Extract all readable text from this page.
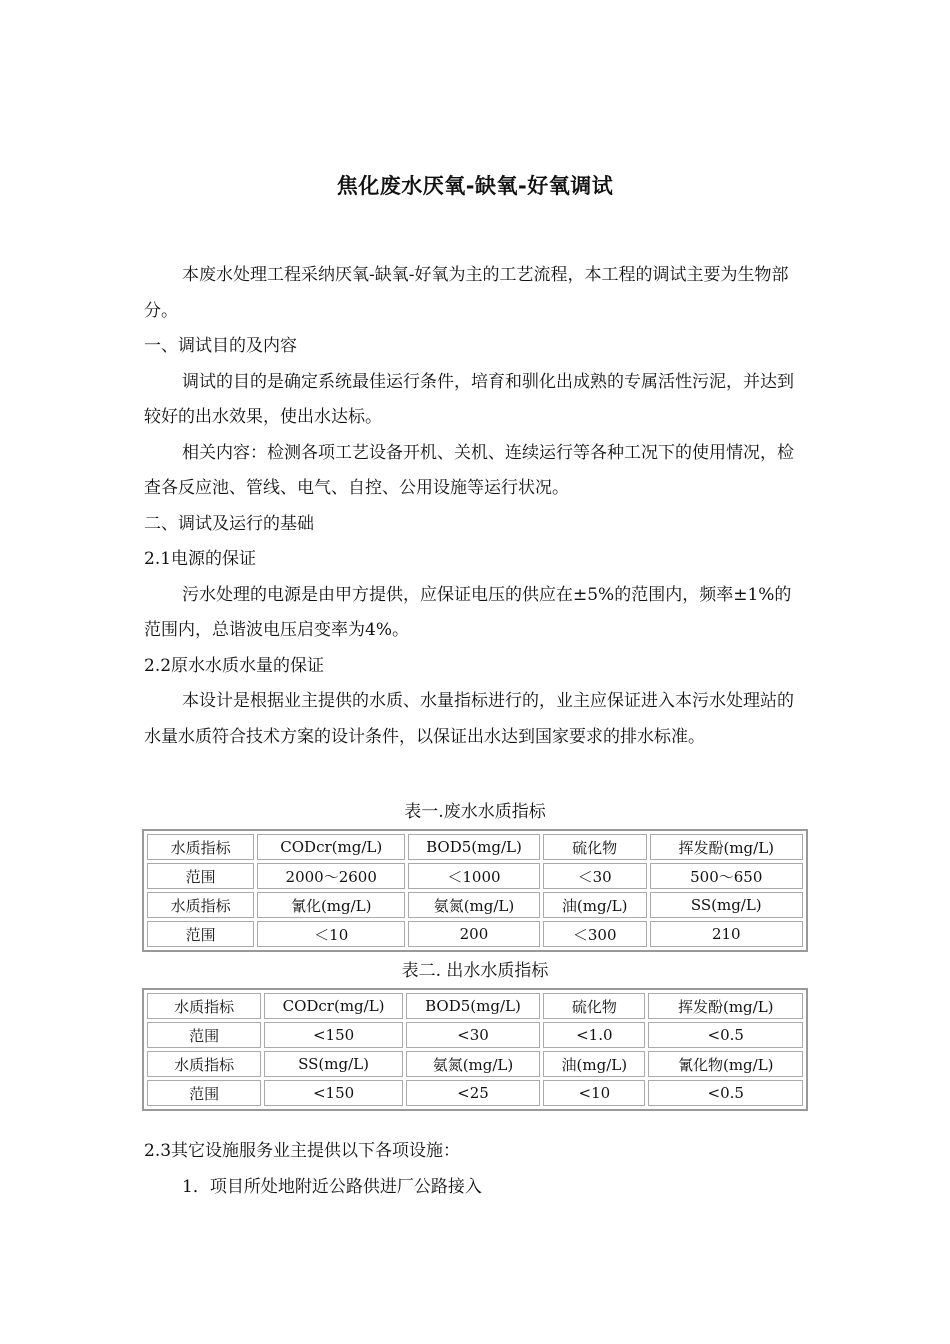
焦化废水厌氧-缺氧-好氧调试

本废水处理工程采纳厌氧-缺氧-好氧为主的工艺流程，本工程的调试主要为生物部分。

一、调试目的及内容

调试的目的是确定系统最佳运行条件，培育和驯化出成熟的专属活性污泥，并达到较好的出水效果，使出水达标。

相关内容：检测各项工艺设备开机、关机、连续运行等各种工况下的使用情况，检查各反应池、管线、电气、自控、公用设施等运行状况。

二、调试及运行的基础

2.1电源的保证

污水处理的电源是由甲方提供，应保证电压的供应在±5%的范围内，频率±1%的范围内，总谐波电压启变率为4%。

2.2原水水质水量的保证

本设计是根据业主提供的水质、水量指标进行的，业主应保证进入本污水处理站的水量水质符合技术方案的设计条件，以保证出水达到国家要求的排水标准。

表一.废水水质指标
水质指标	CODcr(mg/L)	BOD5(mg/L)	硫化物	挥发酚(mg/L)
范围	2000～2600	＜1000	＜30	500～650
水质指标	氰化(mg/L)	氨氮(mg/L)	油(mg/L)	SS(mg/L)
范围	＜10	200	＜300	210
表二. 出水水质指标
水质指标	CODcr(mg/L)	BOD5(mg/L)	硫化物	挥发酚(mg/L)
范围	<150	<30	<1.0	<0.5
水质指标	SS(mg/L)	氨氮(mg/L)	油(mg/L)	氰化物(mg/L)
范围	<150	<25	<10	<0.5

2.3其它设施服务业主提供以下各项设施：

1．项目所处地附近公路供进厂公路接入
